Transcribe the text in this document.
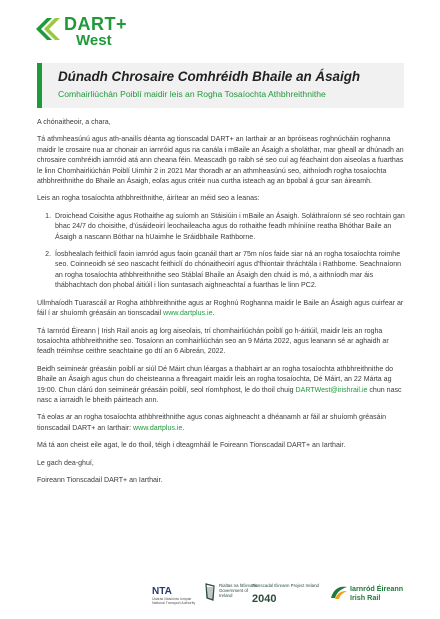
DART+
West
Dúnadh Chrosaire Comhréidh Bhaile an Ásaigh
Comhairliúchán Poiblí maidir leis an Rogha Tosaíochta Athbhreithnithe

A chónaitheoir, a chara,

Tá athmheasúnú agus ath-anailís déanta ag tionscadal DART+ an Iarthair ar an bpróiseas roghnúcháin roghanna maidir le crosaire nua ar chonair an iarnróid agus na canála i mBaile an Ásaigh a sholáthar, mar gheall ar dhúnadh an chrosaire comhréidh iarnróid atá ann cheana féin. Meascadh go raibh sé seo cuí ag féachaint don aiseolas a fuarthas le linn Chomhairliúchán Poiblí Uimhir 2 in 2021 Mar thoradh ar an athmheasúnú seo, aithníodh rogha tosaíochta athbhreithnithe do Bhaile an Ásaigh, eolas agus critéir nua curtha isteach ag an bpobal á gcur san áireamh.

Leis an rogha tosaíochta athbhreithnithe, áirítear an méid seo a leanas:

1. Droichead Coisithe agus Rothaithe ag suíomh an Stáisiúin i mBaile an Ásaigh. Soláthraíonn sé seo rochtain gan bhac 24/7 do choisithe, d'úsáideoirí leochaileacha agus do rothaithe feadh mhíniíne reatha Bhóthar Baile an Ásaigh a nascann Bóthar na hUaimhe le Sráidbhaile Rathborne.
2. Íosbhealach feithiclí faoin iarnród agus faoin gcanáil thart ar 75m níos faide siar ná an rogha tosaíochta roimhe seo. Coinneoidh sé seo nascacht feithiclí do chónaitheoirí agus d'fhiontair thráchtála i Rathborne. Seachnaíonn an rogha tosaíochta athbhreithnithe seo Stáblaí Bhaile an Ásaigh den chuid is mó, a aithníodh mar áis thábhachtach don phobal áitiúil i líon suntasach aighneachtaí a fuarthas le linn PC2.

Ullmhaíodh Tuarascáil ar Rogha athbhreithnithe agus ar Roghnú Roghanna maidir le Baile an Ásaigh agus cuirfear ar fáil í ar shuíomh gréasáin an tionscadail www.dartplus.ie.

Tá Iarnród Éireann | Irish Rail anois ag lorg aiseolais, trí chomhairliúchán poiblí go h-áitiúil, maidir leis an rogha tosaíochta athbhreithnithe seo. Tosaíonn an comhairliúchán seo an 9 Márta 2022, agus leanann sé ar aghaidh ar feadh tréimhse ceithre seachtaine go dtí an 6 Aibreán, 2022.

Beidh seimineár gréasáin poiblí ar siúl Dé Máirt chun léargas a thabhairt ar an rogha tosaíochta athbhreithnithe do Bhaile an Ásaigh agus chun do cheisteanna a fhreagairt maidir leis an rogha tosaíochta, Dé Máirt, an 22 Márta ag 19:00. Chun clárú don seimineár gréasáin poiblí, seol ríomhphost, le do thoil chuig DARTWest@irishrail.ie chun nasc nasc a iarraidh le bheith páirteach ann.

Tá eolas ar an rogha tosaíochta athbhreithnithe agus conas aighneacht a dhéanamh ar fáil ar shuíomh gréasáin tionscadail DART+ an Iarthair: www.dartplus.ie.

Má tá aon cheist eile agat, le do thoil, téigh i dteagmháil le Foireann Tionscadail DART+ an Iarthair.

Le gach dea-ghuí,

Foireann Tionscadail DART+ an Iarthair.

NTA
Údarás Náisiúnta Iompair National Transport Authority
Rialtas na hÉireann Government of Ireland
Tionscadal Éireann Project Ireland
2040
Iarnród Éireann
Irish Rail
